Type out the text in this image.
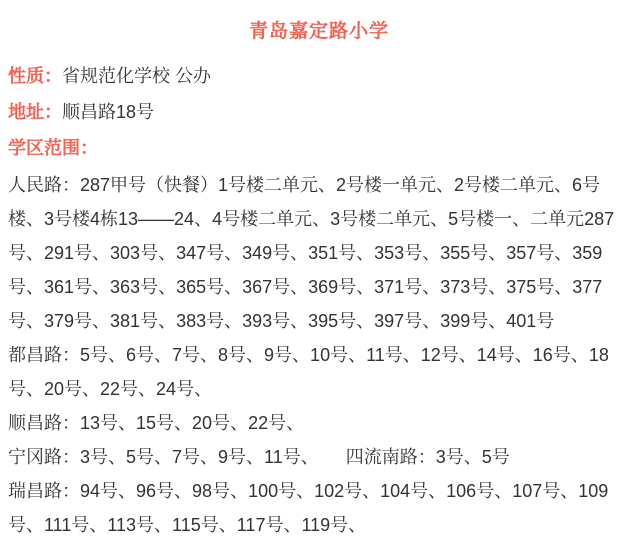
青岛嘉定路小学

性质：省规范化学校 公办

地址：顺昌路18号

学区范围：

人民路：287甲号（快餐）1号楼二单元、2号楼一单元、2号楼二单元、6号

楼、3号楼4栋13——24、4号楼二单元、3号楼二单元、5号楼一、二单元287

号、291号、303号、347号、349号、351号、353号、355号、357号、359

号、361号、363号、365号、367号、369号、371号、373号、375号、377

号、379号、381号、383号、393号、395号、397号、399号、401号

都昌路：5号、6号、7号、8号、9号、10号、11号、12号、14号、16号、18

号、20号、22号、24号、

顺昌路：13号、15号、20号、22号、

宁冈路：3号、5号、7号、9号、11号、　　四流南路：3号、5号

瑞昌路：94号、96号、98号、100号、102号、104号、106号、107号、109

号、111号、113号、115号、117号、119号、
